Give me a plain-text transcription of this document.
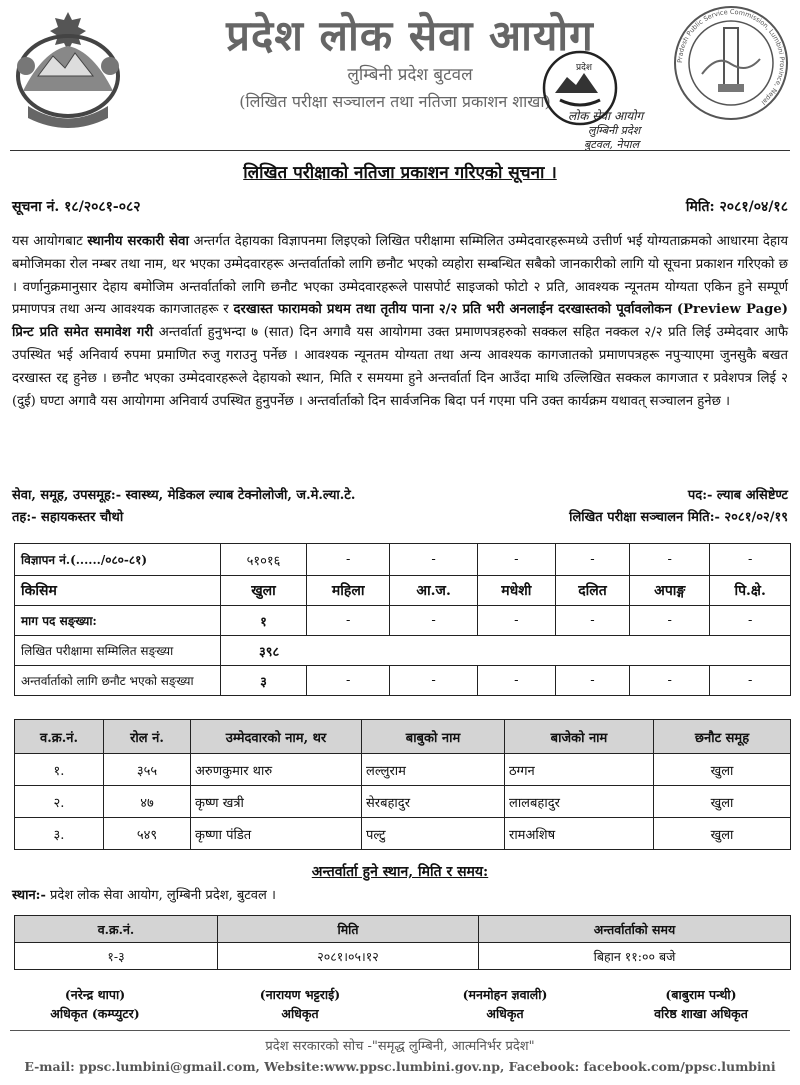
प्रदेश लोक सेवा आयोग
लुम्बिनी प्रदेश बुटवल
(लिखित परीक्षा सञ्चालन तथा नतिजा प्रकाशन शाखा)
Pradesh Public Service Commission, Lumbini Province, Nepal
प्रदेश
लोक सेवा आयोग
लुम्बिनी प्रदेश
बुटवल, नेपाल
लिखित परीक्षाको नतिजा प्रकाशन गरिएको सूचना ।
सूचना नं. १८/२०८१-०८२	मिति: २०८१/०४/१८
यस आयोगबाट स्थानीय सरकारी सेवा अन्तर्गत देहायका विज्ञापनमा लिइएको लिखित परीक्षामा सम्मिलित उम्मेदवारहरूमध्ये उत्तीर्ण भई योग्यताक्रमको आधारमा देहाय बमोजिमका रोल नम्बर तथा नाम, थर भएका उम्मेदवारहरू अन्तर्वार्ताको लागि छनौट भएको व्यहोरा सम्बन्धित सबैको जानकारीको लागि यो सूचना प्रकाशन गरिएको छ । वर्णानुक्रमानुसार देहाय बमोजिम अन्तर्वार्ताको लागि छनौट भएका उम्मेदवारहरूले पासपोर्ट साइजको फोटो २ प्रति, आवश्यक न्यूनतम योग्यता एकिन हुने सम्पूर्ण प्रमाणपत्र तथा अन्य आवश्यक कागजातहरू र दरखास्त फारामको प्रथम तथा तृतीय पाना २/२ प्रति भरी अनलाईन दरखास्तको पूर्वावलोकन (Preview Page) प्रिन्ट प्रति समेत समावेश गरी अन्तर्वार्ता हुनुभन्दा ७ (सात) दिन अगावै यस आयोगमा उक्त प्रमाणपत्रहरुको सक्कल सहित नक्कल २/२ प्रति लिई उम्मेदवार आफै उपस्थित भई अनिवार्य रुपमा प्रमाणित रुजु गराउनु पर्नेछ । आवश्यक न्यूनतम योग्यता तथा अन्य आवश्यक कागजातको प्रमाणपत्रहरू नपुर्‍याएमा जुनसुकै बखत दरखास्त रद्द हुनेछ । छनौट भएका उम्मेदवारहरूले देहायको स्थान, मिति र समयमा हुने अन्तर्वार्ता दिन आउँदा माथि उल्लिखित सक्कल कागजात र प्रवेशपत्र लिई २ (दुई) घण्टा अगावै यस आयोगमा अनिवार्य उपस्थित हुनुपर्नेछ । अन्तर्वार्ताको दिन सार्वजनिक बिदा पर्न गएमा पनि उक्त कार्यक्रम यथावत् सञ्चालन हुनेछ ।
सेवा, समूह, उपसमूह:- स्वास्थ्य, मेडिकल ल्याब टेक्नोलोजी, ज.मे.ल्या.टे.	पद:- ल्याब असिष्टेण्ट
तह:- सहायकस्तर चौथो	लिखित परीक्षा सञ्चालन मिति:- २०८१/०२/१९
विज्ञापन नं.(....../०८०-८१)	५१०१६	-	-	-	-	-	-
किसिम	खुला	महिला	आ.ज.	मधेशी	दलित	अपाङ्ग	पि.क्षे.
माग पद सङ्ख्या:	१	-	-	-	-	-	-
लिखित परीक्षामा सम्मिलित सङ्ख्या	३९८						
अन्तर्वार्ताको लागि छनौट भएको सङ्ख्या	३	-	-	-	-	-	-
व.क्र.नं.	रोल नं.	उम्मेदवारको नाम, थर	बाबुको नाम	बाजेको नाम	छनौट समूह
१.	३५५	अरुणकुमार थारु	लल्लुराम	ठग्गन	खुला
२.	४७	कृष्ण खत्री	सेरबहादुर	लालबहादुर	खुला
३.	५४९	कृष्णा पंडित	पल्टु	रामअशिष	खुला
अन्तर्वार्ता हुने स्थान, मिति र समय:
स्थान:- प्रदेश लोक सेवा आयोग, लुम्बिनी प्रदेश, बुटवल ।
व.क्र.नं.	मिति	अन्तर्वार्ताको समय
१-३	२०८१।०५।१२	बिहान ११:०० बजे
(नरेन्द्र थापा)
अधिकृत (कम्प्युटर)
(नारायण भट्टराई)
अधिकृत
(मनमोहन ज्ञवाली)
अधिकृत
(बाबुराम पन्थी)
वरिष्ठ शाखा अधिकृत
प्रदेश सरकारको सोच -"समृद्ध लुम्बिनी, आत्मनिर्भर प्रदेश"
E-mail: ppsc.lumbini@gmail.com, Website:www.ppsc.lumbini.gov.np, Facebook: facebook.com/ppsc.lumbini
